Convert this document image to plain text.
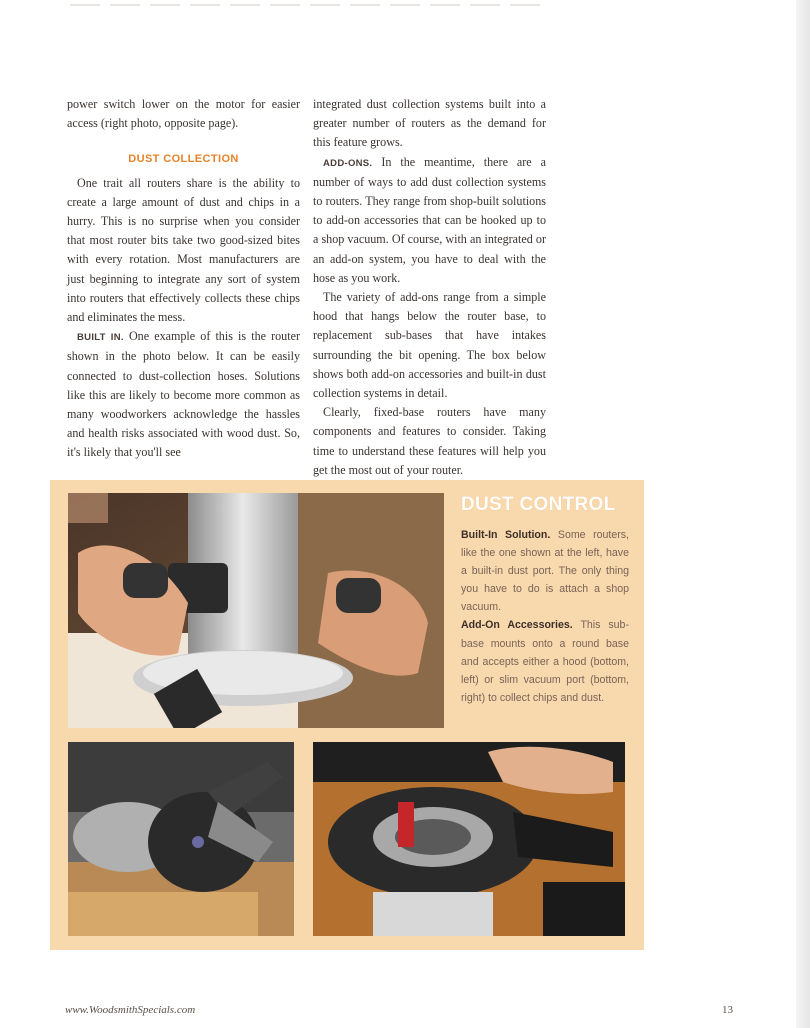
power switch lower on the motor for easier access (right photo, opposite page).

DUST COLLECTION

One trait all routers share is the ability to create a large amount of dust and chips in a hurry. This is no surprise when you consider that most router bits take two good-sized bites with every rotation. Most manufacturers are just beginning to integrate any sort of system into routers that effectively collects these chips and eliminates the mess.

BUILT IN. One example of this is the router shown in the photo below. It can be easily connected to dust-collection hoses. Solutions like this are likely to become more common as many woodworkers acknowledge the hassles and health risks associated with wood dust. So, it's likely that you'll see

integrated dust collection systems built into a greater number of routers as the demand for this feature grows.

ADD-ONS. In the meantime, there are a number of ways to add dust collection systems to routers. They range from shop-built solutions to add-on accessories that can be hooked up to a shop vacuum. Of course, with an integrated or an add-on system, you have to deal with the hose as you work.

The variety of add-ons range from a simple hood that hangs below the router base, to replacement sub-bases that have intakes surrounding the bit opening. The box below shows both add-on accessories and built-in dust collection systems in detail.

Clearly, fixed-base routers have many components and features to consider. Taking time to understand these features will help you get the most out of your router.

DUST CONTROL

Built-In Solution. Some routers, like the one shown at the left, have a built-in dust port. The only thing you have to do is attach a shop vacuum.

Add-On Accessories. This sub-base mounts onto a round base and accepts either a hood (bottom, left) or slim vacuum port (bottom, right) to collect chips and dust.

www.WoodsmithSpecials.com	13
